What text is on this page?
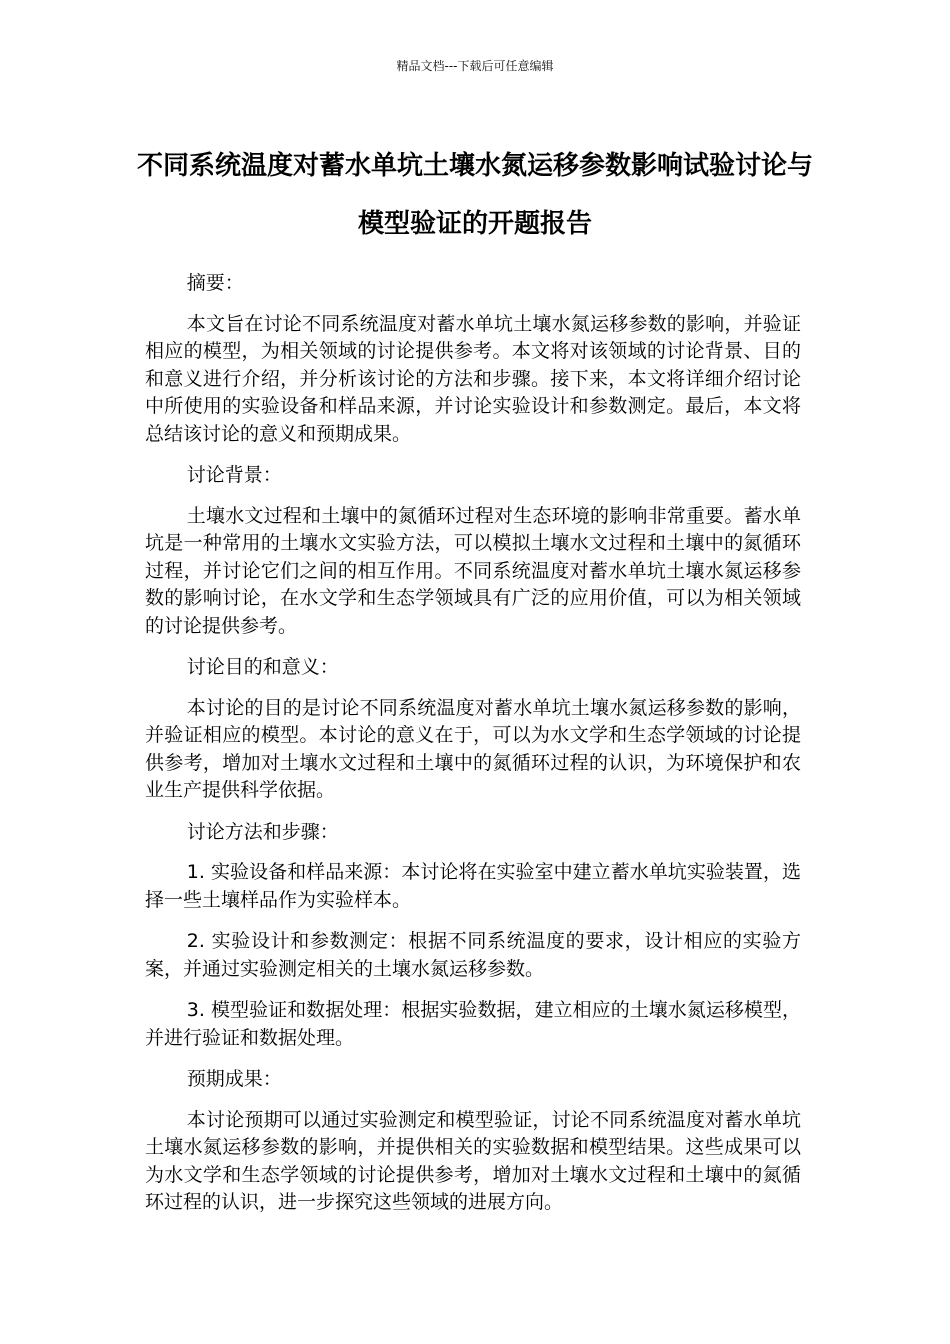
精品文档---下载后可任意编辑
不同系统温度对蓄水单坑土壤水氮运移参数影响试验讨论与模型验证的开题报告

摘要：

本文旨在讨论不同系统温度对蓄水单坑土壤水氮运移参数的影响，并验证相应的模型，为相关领域的讨论提供参考。本文将对该领域的讨论背景、目的和意义进行介绍，并分析该讨论的方法和步骤。接下来，本文将详细介绍讨论中所使用的实验设备和样品来源，并讨论实验设计和参数测定。最后，本文将总结该讨论的意义和预期成果。

讨论背景：

土壤水文过程和土壤中的氮循环过程对生态环境的影响非常重要。蓄水单坑是一种常用的土壤水文实验方法，可以模拟土壤水文过程和土壤中的氮循环过程，并讨论它们之间的相互作用。不同系统温度对蓄水单坑土壤水氮运移参数的影响讨论，在水文学和生态学领域具有广泛的应用价值，可以为相关领域的讨论提供参考。

讨论目的和意义：

本讨论的目的是讨论不同系统温度对蓄水单坑土壤水氮运移参数的影响，并验证相应的模型。本讨论的意义在于，可以为水文学和生态学领域的讨论提供参考，增加对土壤水文过程和土壤中的氮循环过程的认识，为环境保护和农业生产提供科学依据。

讨论方法和步骤：

1. 实验设备和样品来源：本讨论将在实验室中建立蓄水单坑实验装置，选择一些土壤样品作为实验样本。

2. 实验设计和参数测定：根据不同系统温度的要求，设计相应的实验方案，并通过实验测定相关的土壤水氮运移参数。

3. 模型验证和数据处理：根据实验数据，建立相应的土壤水氮运移模型，并进行验证和数据处理。

预期成果：

本讨论预期可以通过实验测定和模型验证，讨论不同系统温度对蓄水单坑土壤水氮运移参数的影响，并提供相关的实验数据和模型结果。这些成果可以为水文学和生态学领域的讨论提供参考，增加对土壤水文过程和土壤中的氮循环过程的认识，进一步探究这些领域的进展方向。
